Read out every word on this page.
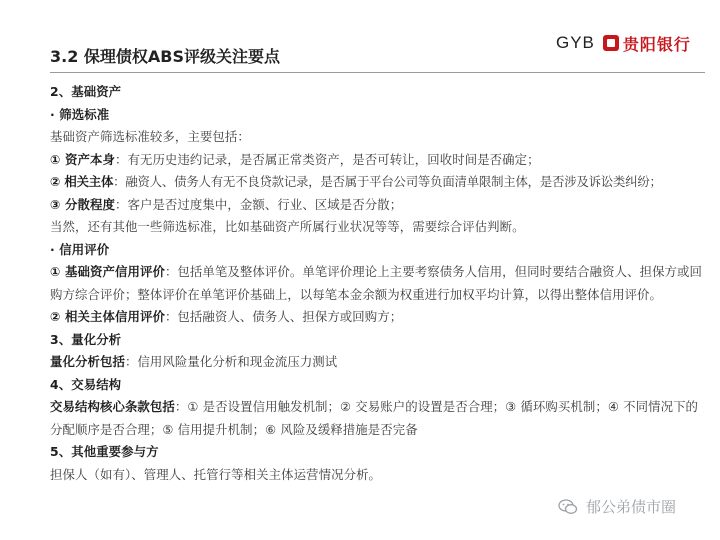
3.2 保理债权ABS评级关注要点
GYB 贵阳银行

2、基础资产

· 筛选标准

基础资产筛选标准较多，主要包括：

① 资产本身：有无历史违约记录，是否属正常类资产，是否可转让，回收时间是否确定；

② 相关主体：融资人、债务人有无不良贷款记录，是否属于平台公司等负面清单限制主体，是否涉及诉讼类纠纷；

③ 分散程度：客户是否过度集中，金额、行业、区域是否分散；

当然，还有其他一些筛选标准，比如基础资产所属行业状况等等，需要综合评估判断。

· 信用评价

① 基础资产信用评价：包括单笔及整体评价。单笔评价理论上主要考察债务人信用，但同时要结合融资人、担保方或回购方综合评价；整体评价在单笔评价基础上，以每笔本金余额为权重进行加权平均计算，以得出整体信用评价。

② 相关主体信用评价：包括融资人、债务人、担保方或回购方；

3、量化分析

量化分析包括：信用风险量化分析和现金流压力测试

4、交易结构

交易结构核心条款包括：① 是否设置信用触发机制；② 交易账户的设置是否合理；③ 循环购买机制；④ 不同情况下的分配顺序是否合理；⑤ 信用提升机制；⑥ 风险及缓释措施是否完备

5、其他重要参与方

担保人（如有）、管理人、托管行等相关主体运营情况分析。

郁公弟债市圈
